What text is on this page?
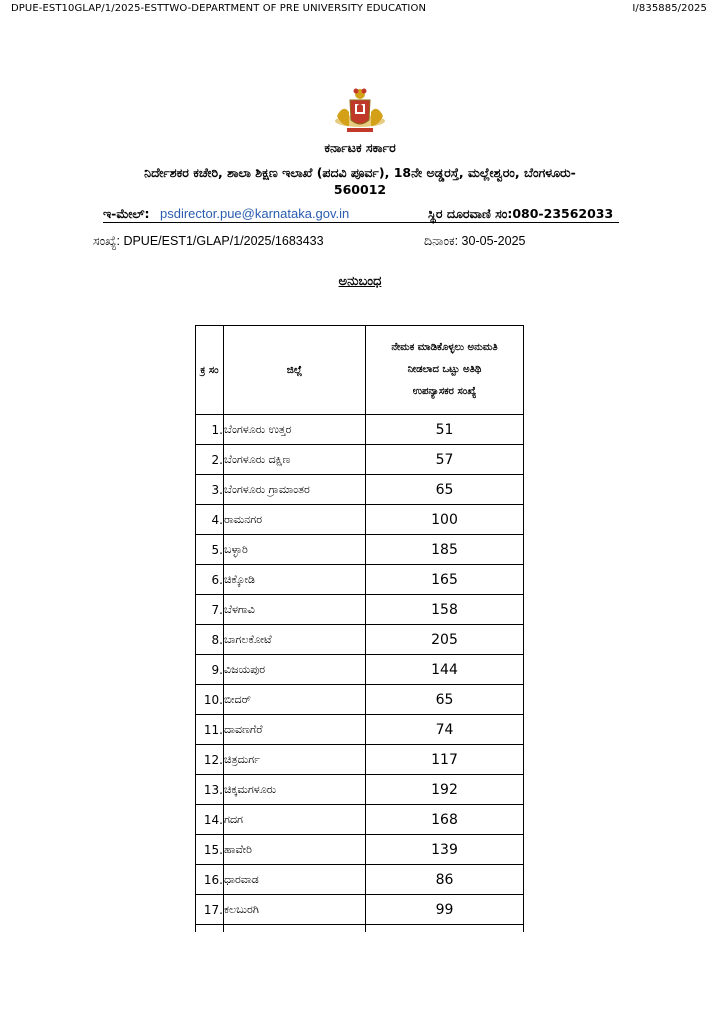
DPUE-EST10GLAP/1/2025-ESTTWO-DEPARTMENT OF PRE UNIVERSITY EDUCATION	I/835885/2025
ಕರ್ನಾಟಕ ಸರ್ಕಾರ
ನಿರ್ದೇಶಕರ ಕಚೇರಿ, ಶಾಲಾ ಶಿಕ್ಷಣ ಇಲಾಖೆ (ಪದವಿ ಪೂರ್ವ), 18ನೇ ಅಡ್ಡರಸ್ತೆ, ಮಲ್ಲೇಶ್ವರಂ, ಬೆಂಗಳೂರು-
560012
ಇ-ಮೇಲ್: psdirector.pue@karnataka.gov.in	ಸ್ಥಿರ ದೂರವಾಣಿ ಸಂ:080-23562033
ಸಂಖ್ಯೆ: DPUE/EST1/GLAP/1/2025/1683433	ದಿನಾಂಕ: 30-05-2025
ಅನುಬಂಧ
ಕ್ರ ಸಂ	ಜಿಲ್ಲೆ	ನೇಮಕ ಮಾಡಿಕೊಳ್ಳಲು ಅನುಮತಿ
ನೀಡಲಾದ ಒಟ್ಟು ಅತಿಥಿ
ಉಪನ್ಯಾಸಕರ ಸಂಖ್ಯೆ

1.	ಬೆಂಗಳೂರು ಉತ್ತರ	51
2.	ಬೆಂಗಳೂರು ದಕ್ಷಿಣ	57
3.	ಬೆಂಗಳೂರು ಗ್ರಾಮಾಂತರ	65
4.	ರಾಮನಗರ	100
5.	ಬಳ್ಳಾರಿ	185
6.	ಚಿಕ್ಕೋಡಿ	165
7.	ಬೆಳಗಾವಿ	158
8.	ಬಾಗಲಕೋಟೆ	205
9.	ವಿಜಯಪುರ	144
10.	ಬೀದರ್	65
11.	ದಾವಣಗೆರೆ	74
12.	ಚಿತ್ರದುರ್ಗ	117
13.	ಚಿಕ್ಕಮಗಳೂರು	192
14.	ಗದಗ	168
15.	ಹಾವೇರಿ	139
16.	ಧಾರವಾಡ	86
17.	ಕಲಬುರಗಿ	99
